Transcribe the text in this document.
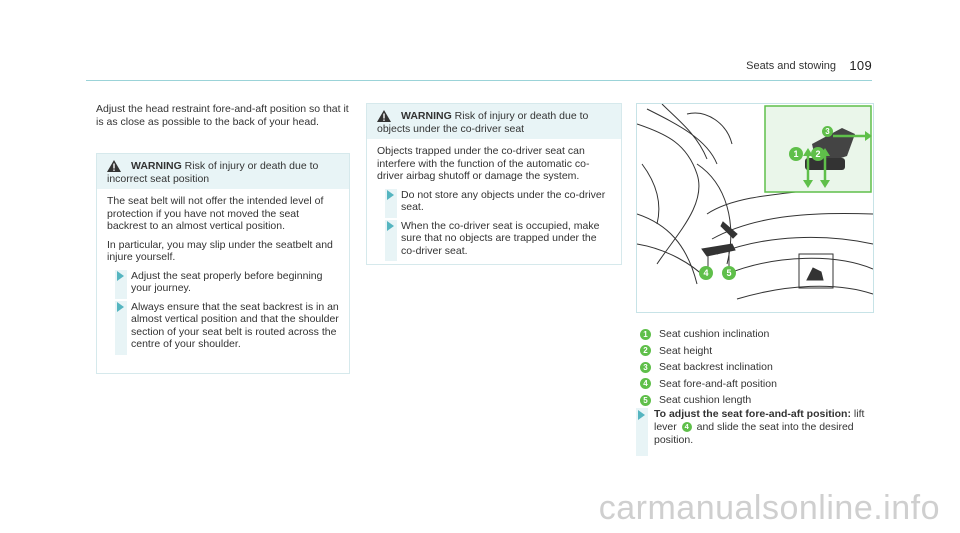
Seats and stowing 109
Adjust the head restraint fore-and-aft position so that it is as close as possible to the back of your head.
WARNING Risk of injury or death due to incorrect seat position

The seat belt will not offer the intended level of protection if you have not moved the seat backrest to an almost vertical position.

In particular, you may slip under the seatbelt and injure yourself.

Adjust the seat properly before beginning your journey.
Always ensure that the seat backrest is in an almost vertical position and that the shoulder section of your seat belt is routed across the centre of your shoulder.
WARNING Risk of injury or death due to objects under the co-driver seat

Objects trapped under the co-driver seat can interfere with the function of the automatic co-driver airbag shutoff or damage the system.

Do not store any objects under the co-driver seat.
When the co-driver seat is occupied, make sure that no objects are trapped under the co-driver seat.
3
1	2
4	5
1	Seat cushion inclination
2	Seat height
3	Seat backrest inclination
4	Seat fore-and-aft position
5	Seat cushion length
To adjust the seat fore-and-aft position: lift lever 4 and slide the seat into the desired position.
carmanualsonline.info
